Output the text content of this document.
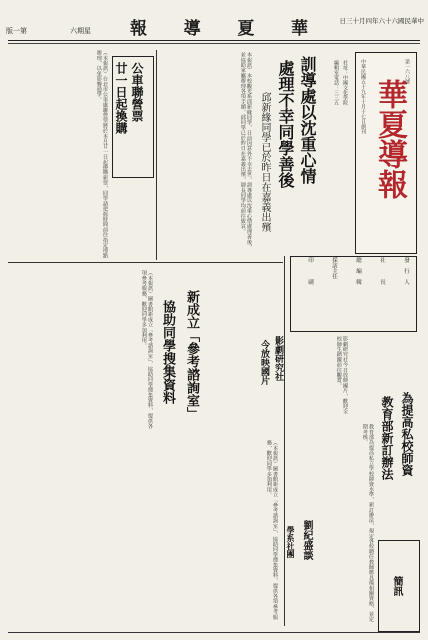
版一第	六期星 報 導 夏 華	日三十月四年六十六國民華中
中華民國五十九年十月十七日創刊 華夏導報
第一六八號
社址：中國文化學院
編輯室電話：三三五
發　行　人
社　　　長
總　編　輯
採訪主任
印　　　刷
訓導處以沈重心情
處理不幸同學善後
邱新緣同學已於昨日在嘉義出殯
本報訊）本校觀光系邱新緣同學，日前因意外不幸去世，訓導處以沈重心情處理善後，並協助家屬辦理各項手續。邱同學已於昨日在嘉義出殯，師長同學均前往致哀。
公車聯營票
廿一日起換購
（本報訊）台北市公車處聯營票將於本月廿一日起換購新票，同學請把握時間前往指定地點辦理，以免影響通學。
新成立「參考諮詢室」
協助同學搜集資料
（本報訊）圖書館新成立「參考諮詢室」，協助同學搜集資料，提供各項參考服務，歡迎同學多加利用。
（本報訊）圖書館新成立「參考諮詢室」，協助同學搜集資料，提供各項參考服務，歡迎同學多加利用。
影劇研究社
今放映國片	影劇研究社今日放映國片，歡迎全校師生踴躍前往觀賞。
為提高私校師資
教育部新訂辦法
教育部為提高私立學校師資水準，新訂辦法，規定各校聘任教師應具備相關資格，並定期考核。
劉紀盛談
學系社團
簡訊
